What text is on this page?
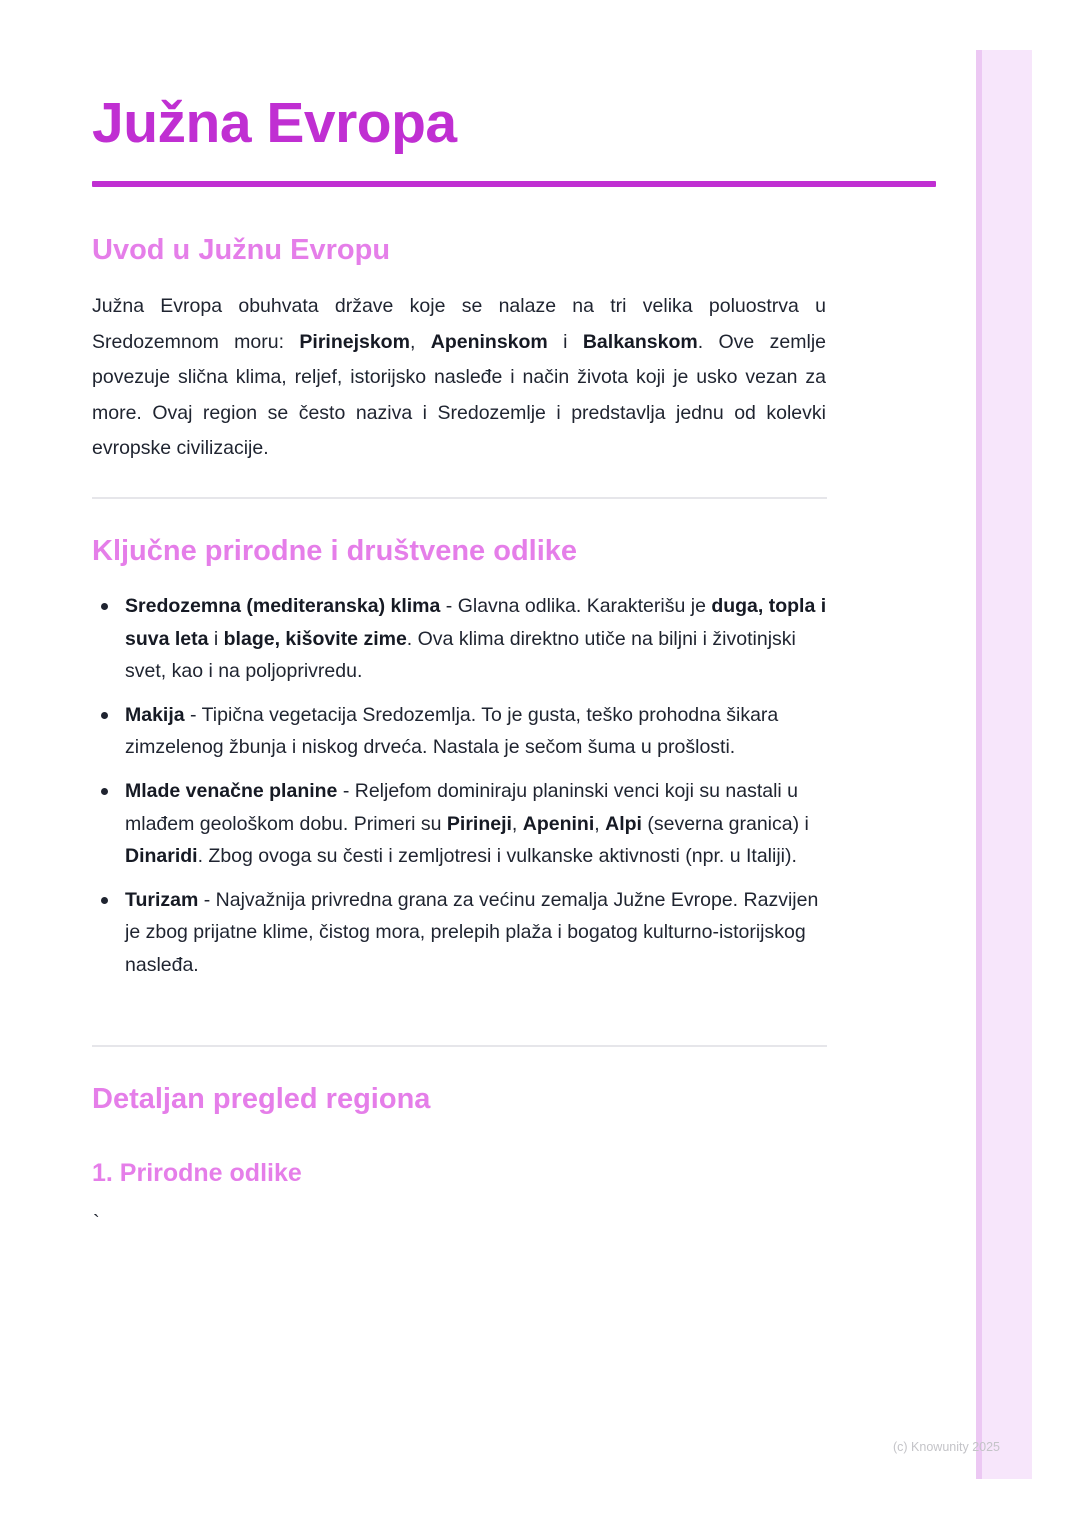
Južna Evropa
Uvod u Južnu Evropu

Južna Evropa obuhvata države koje se nalaze na tri velika poluostrva u Sredozemnom moru: Pirinejskom, Apeninskom i Balkanskom. Ove zemlje povezuje slična klima, reljef, istorijsko nasleđe i način života koji je usko vezan za more. Ovaj region se često naziva i Sredozemlje i predstavlja jednu od kolevki evropske civilizacije.

Ključne prirodne i društvene odlike
Sredozemna (mediteranska) klima - Glavna odlika. Karakterišu je duga, topla i suva leta i blage, kišovite zime. Ova klima direktno utiče na biljni i životinjski svet, kao i na poljoprivredu.
Makija - Tipična vegetacija Sredozemlja. To je gusta, teško prohodna šikara zimzelenog žbunja i niskog drveća. Nastala je sečom šuma u prošlosti.
Mlade venačne planine - Reljefom dominiraju planinski venci koji su nastali u mlađem geološkom dobu. Primeri su Pirineji, Apenini, Alpi (severna granica) i Dinaridi. Zbog ovoga su česti i zemljotresi i vulkanske aktivnosti (npr. u Italiji).
Turizam - Najvažnija privredna grana za većinu zemalja Južne Evrope. Razvijen je zbog prijatne klime, čistog mora, prelepih plaža i bogatog kulturno-istorijskog nasleđa.
Detaljan pregled regiona
1. Prirodne odlike
`
(c) Knowunity 2025
